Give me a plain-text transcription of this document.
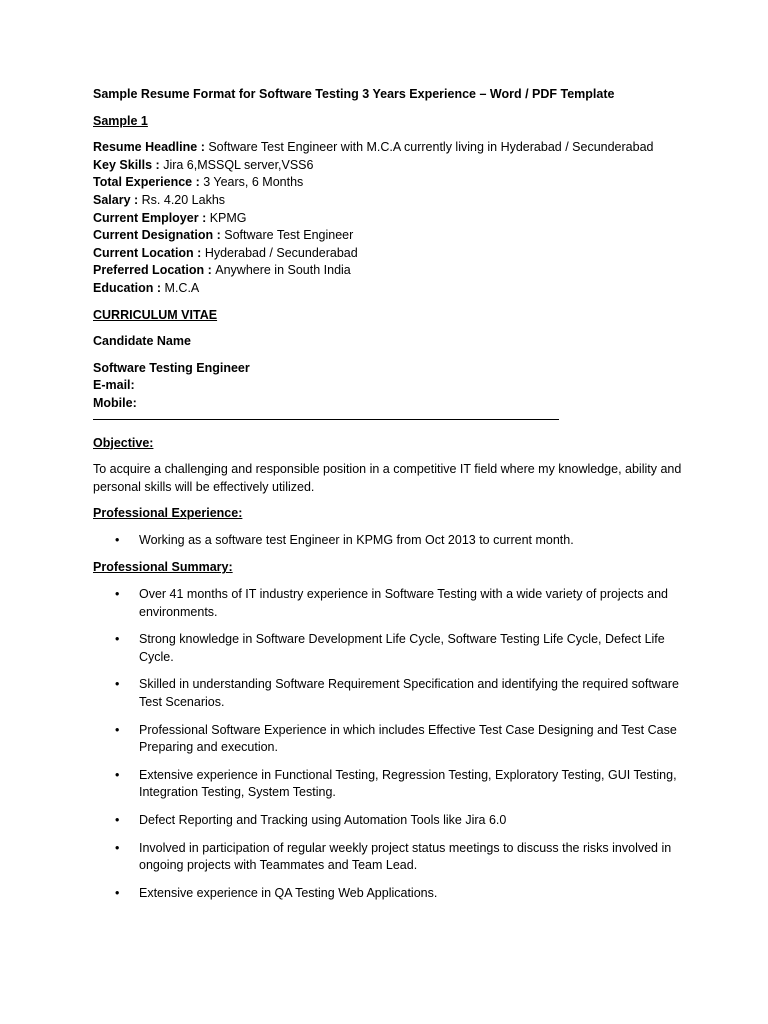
Sample Resume Format for Software Testing 3 Years Experience – Word / PDF Template
Sample 1
Resume Headline : Software Test Engineer with M.C.A currently living in Hyderabad / Secunderabad
Key Skills : Jira 6,MSSQL server,VSS6
Total Experience : 3 Years, 6 Months
Salary : Rs. 4.20 Lakhs
Current Employer : KPMG
Current Designation : Software Test Engineer
Current Location : Hyderabad / Secunderabad
Preferred Location : Anywhere in South India
Education : M.C.A
CURRICULUM VITAE
Candidate Name
Software Testing Engineer
E-mail:
Mobile:
Objective:
To acquire a challenging and responsible position in a competitive IT field where my knowledge, ability and personal skills will be effectively utilized.
Professional Experience:
• Working as a software test Engineer in KPMG from Oct 2013 to current month.
Professional Summary:
• Over 41 months of IT industry experience in Software Testing with a wide variety of projects and environments.
• Strong knowledge in Software Development Life Cycle, Software Testing Life Cycle, Defect Life Cycle.
• Skilled in understanding Software Requirement Specification and identifying the required software Test Scenarios.
• Professional Software Experience in which includes Effective Test Case Designing and Test Case Preparing and execution.
• Extensive experience in Functional Testing, Regression Testing, Exploratory Testing, GUI Testing, Integration Testing, System Testing.
• Defect Reporting and Tracking using Automation Tools like Jira 6.0
• Involved in participation of regular weekly project status meetings to discuss the risks involved in ongoing projects with Teammates and Team Lead.
• Extensive experience in QA Testing Web Applications.
